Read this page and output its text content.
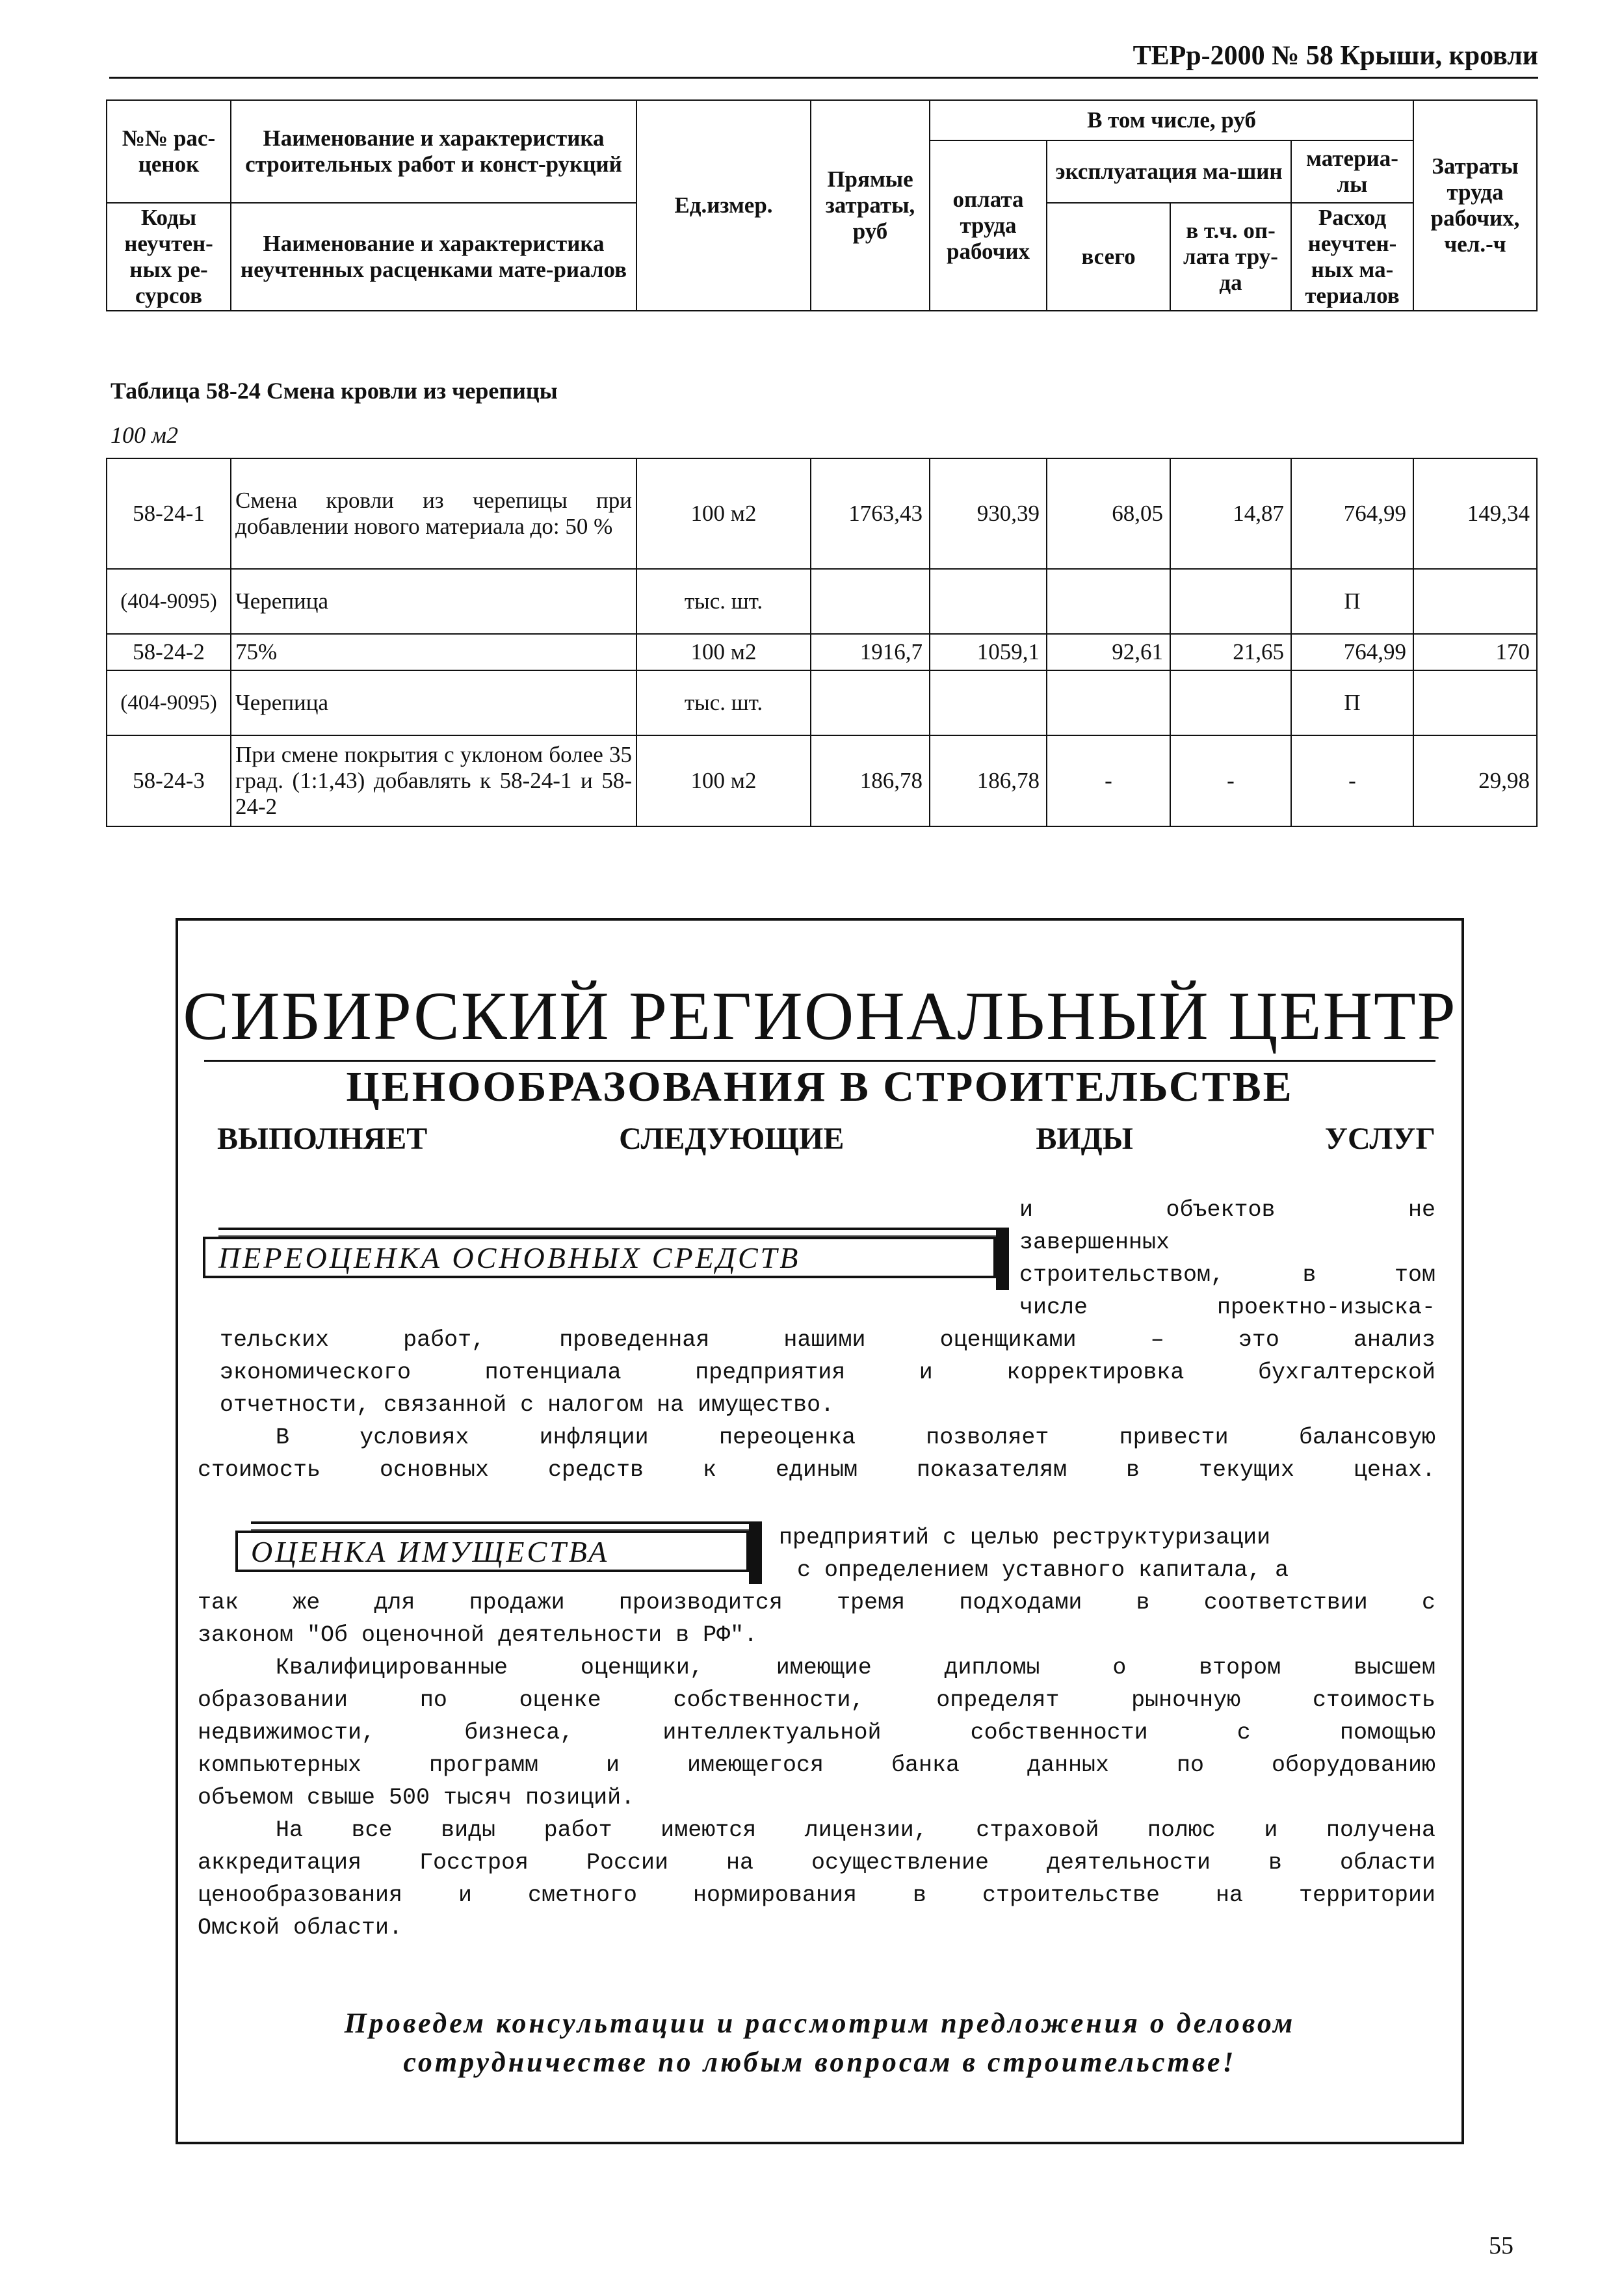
ТЕРр-2000 № 58 Крыши, кровли
№№ рас-ценок	Наименование и характеристика строительных работ и конст-рукций	Ед.измер.	Прямые затраты, руб	В том числе, руб				Затраты труда рабочих, чел.-ч
				оплата труда рабочих	эксплуатация ма-шин		материа-лы	

Коды неучтен-ных ре-сурсов	Наименование и характеристика неучтенных расценками мате-риалов				всего	в т.ч. оп-лата тру-да	Расход неучтен-ных ма-териалов	

Таблица 58-24 Смена кровли из черепицы
100 м2
58-24-1	Смена кровли из черепицы при добавлении нового материала до: 50 %	100 м2	1763,43	930,39	68,05	14,87	764,99	149,34
(404-9095)	Черепица	тыс. шт.					П	
58-24-2	75%	100 м2	1916,7	1059,1	92,61	21,65	764,99	170
(404-9095)	Черепица	тыс. шт.					П	
58-24-3	При смене покрытия с уклоном более 35 град. (1:1,43) добавлять к 58-24-1 и 58-24-2	100 м2	186,78	186,78	-	-	-	29,98
СИБИРСКИЙ РЕГИОНАЛЬНЫЙ ЦЕНТР
ЦЕНООБРАЗОВАНИЯ В СТРОИТЕЛЬСТВЕ
ВЫПОЛНЯЕТ СЛЕДУЮЩИЕ ВИДЫ УСЛУГ
ПЕРЕОЦЕНКА ОСНОВНЫХ СРЕДСТВ
и объектов не
завершенных
строительством, в том
числе проектно-изыска-
тельских работ, проведенная нашими оценщиками – это анализ
экономического потенциала предприятия и корректировка бухгалтерской
отчетности, связанной с налогом на имущество.
В условиях инфляции переоценка позволяет привести балансовую
стоимость основных средств к единым показателям в текущих ценах.
ОЦЕНКА ИМУЩЕСТВА	предприятий с целью реструктуризации
с определением уставного капитала, а
так же для продажи производится тремя подходами в соответствии с
законом "Об оценочной деятельности в РФ".
Квалифицированные оценщики, имеющие дипломы о втором высшем
образовании по оценке собственности, определят рыночную стоимость
недвижимости, бизнеса, интеллектуальной собственности с помощью
компьютерных программ и имеющегося банка данных по оборудованию
объемом свыше 500 тысяч позиций.
На все виды работ имеются лицензии, страховой полюс и получена
аккредитация Госстроя России на осуществление деятельности в области
ценообразования и сметного нормирования в строительстве на территории
Омской области.
Проведем консультации и рассмотрим предложения о деловом
сотрудничестве по любым вопросам в строительстве!
55
